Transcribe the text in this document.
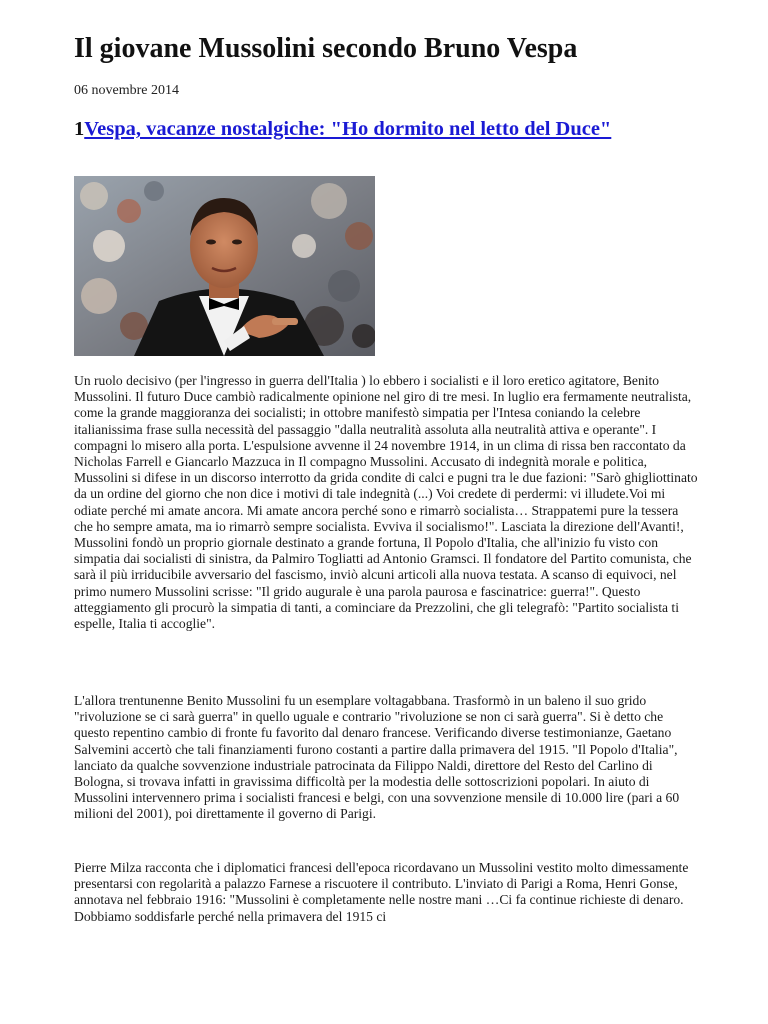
Il giovane Mussolini secondo Bruno Vespa
06 novembre 2014
1Vespa, vacanze nostalgiche: "Ho dormito nel letto del Duce"

Un ruolo decisivo (per l'ingresso in guerra dell'Italia ) lo ebbero i socialisti e il loro eretico agitatore, Benito Mussolini. Il futuro Duce cambiò radicalmente opinione nel giro di tre mesi. In luglio era fermamente neutralista, come la grande maggioranza dei socialisti; in ottobre manifestò simpatia per l'Intesa coniando la celebre italianissima frase sulla necessità del passaggio "dalla neutralità assoluta alla neutralità attiva e operante". I compagni lo misero alla porta. L'espulsione avvenne il 24 novembre 1914, in un clima di rissa ben raccontato da Nicholas Farrell e Giancarlo Mazzuca in Il compagno Mussolini. Accusato di indegnità morale e politica, Mussolini si difese in un discorso interrotto da grida condite di calci e pugni tra le due fazioni: "Sarò ghigliottinato da un ordine del giorno che non dice i motivi di tale indegnità (...) Voi credete di perdermi: vi illudete.Voi mi odiate perché mi amate ancora. Mi amate ancora perché sono e rimarrò socialista… Strappatemi pure la tessera che ho sempre amata, ma io rimarrò sempre socialista. Evviva il socialismo!". Lasciata la direzione dell'Avanti!, Mussolini fondò un proprio giornale destinato a grande fortuna, Il Popolo d'Italia, che all'inizio fu visto con simpatia dai socialisti di sinistra, da Palmiro Togliatti ad Antonio Gramsci. Il fondatore del Partito comunista, che sarà il più irriducibile avversario del fascismo, inviò alcuni articoli alla nuova testata. A scanso di equivoci, nel primo numero Mussolini scrisse: "Il grido augurale è una parola paurosa e fascinatrice: guerra!". Questo atteggiamento gli procurò la simpatia di tanti, a cominciare da Prezzolini, che gli telegrafò: "Partito socialista ti espelle, Italia ti accoglie".

L'allora trentunenne Benito Mussolini fu un esemplare voltagabbana. Trasformò in un baleno il suo grido "rivoluzione se ci sarà guerra" in quello uguale e contrario "rivoluzione se non ci sarà guerra". Si è detto che questo repentino cambio di fronte fu favorito dal denaro francese. Verificando diverse testimonianze, Gaetano Salvemini accertò che tali finanziamenti furono costanti a partire dalla primavera del 1915. "Il Popolo d'Italia", lanciato da qualche sovvenzione industriale patrocinata da Filippo Naldi, direttore del Resto del Carlino di Bologna, si trovava infatti in gravissima difficoltà per la modestia delle sottoscrizioni popolari. In aiuto di Mussolini intervennero prima i socialisti francesi e belgi, con una sovvenzione mensile di 10.000 lire (pari a 60 milioni del 2001), poi direttamente il governo di Parigi.

Pierre Milza racconta che i diplomatici francesi dell'epoca ricordavano un Mussolini vestito molto dimessamente presentarsi con regolarità a palazzo Farnese a riscuotere il contributo. L'inviato di Parigi a Roma, Henri Gonse, annotava nel febbraio 1916: "Mussolini è completamente nelle nostre mani …Ci fa continue richieste di denaro. Dobbiamo soddisfarle perché nella primavera del 1915 ci
